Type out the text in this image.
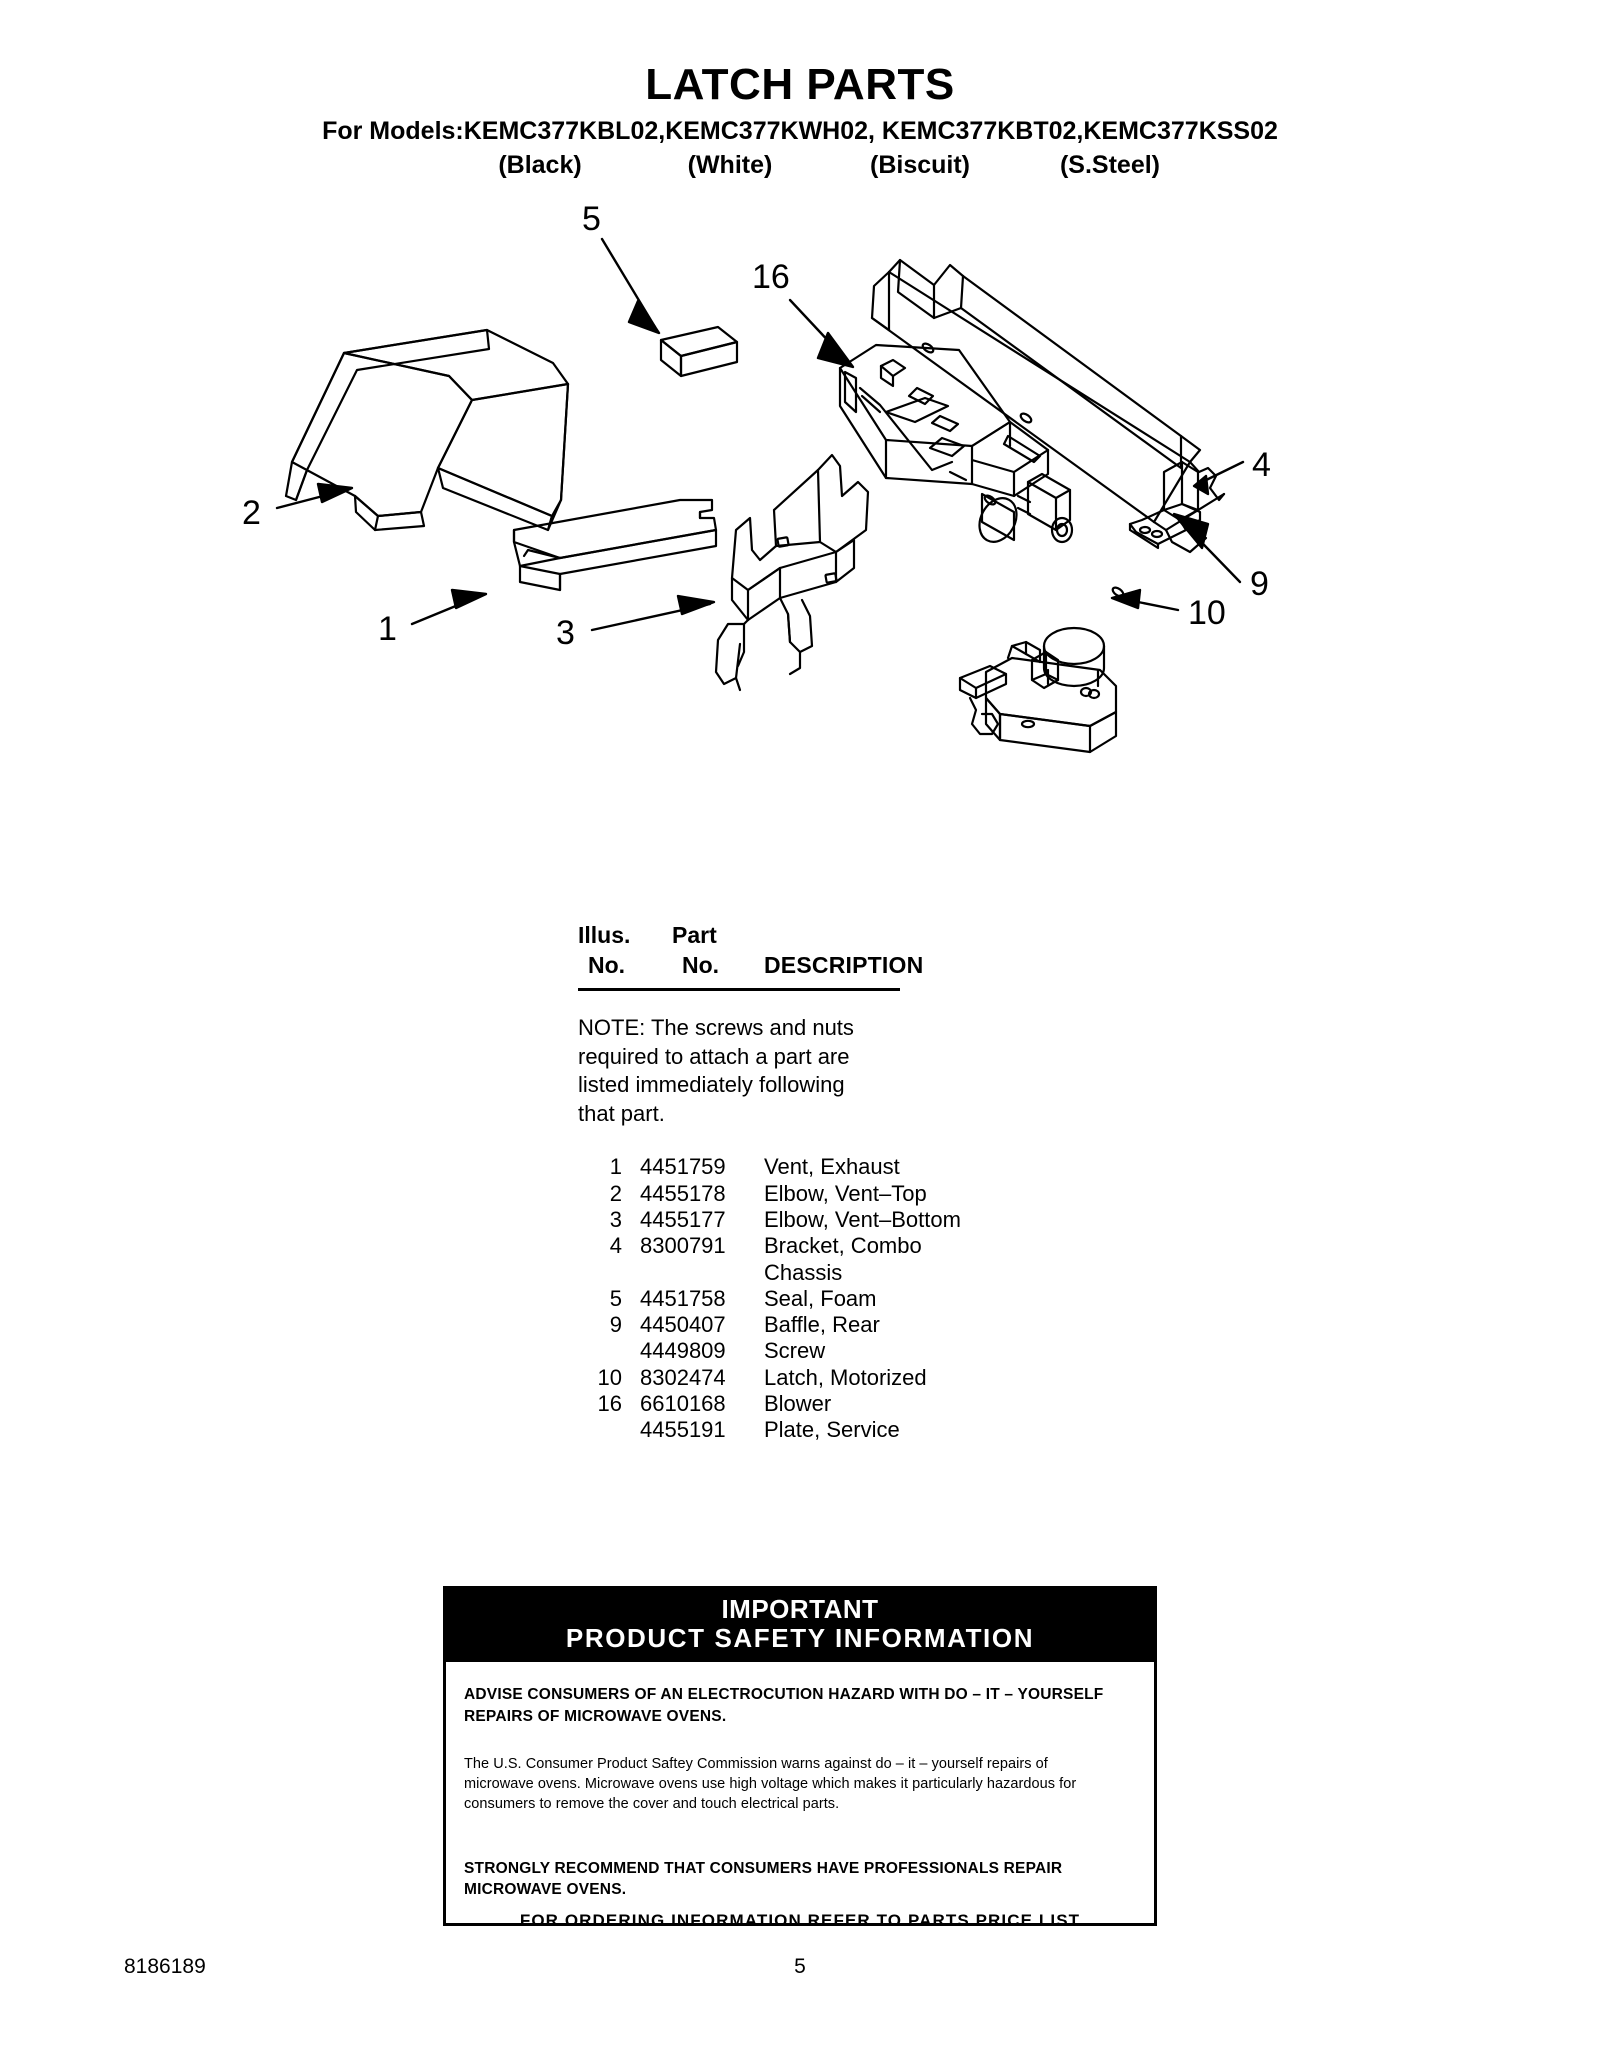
LATCH PARTS
For Models:KEMC377KBL02,KEMC377KWH02, KEMC377KBT02,KEMC377KSS02
(Black)	(White)	(Biscuit)	(S.Steel)
5
16
2
9
4
1	3
10
Illus. Part
No. No. DESCRIPTION
NOTE: The screws and nuts
required to attach a part are
listed immediately following
that part.
1 4451759	Vent, Exhaust
2 4455178	Elbow, Vent–Top
3 4455177	Elbow, Vent–Bottom
4 8300791	Bracket, Combo
Chassis
5 4451758	Seal, Foam
9 4450407	Baffle, Rear
4449809	Screw
10 8302474	Latch, Motorized
16 6610168	Blower
4455191	Plate, Service
IMPORTANT
PRODUCT SAFETY INFORMATION
ADVISE CONSUMERS OF AN ELECTROCUTION HAZARD WITH DO – IT – YOURSELF
REPAIRS OF MICROWAVE OVENS.
The U.S. Consumer Product Saftey Commission warns against do – it – yourself repairs of
microwave ovens. Microwave ovens use high voltage which makes it particularly hazardous for
consumers to remove the cover and touch electrical parts.
STRONGLY RECOMMEND THAT CONSUMERS HAVE PROFESSIONALS REPAIR
MICROWAVE OVENS.
FOR ORDERING INFORMATION REFER TO PARTS PRICE LIST
8186189	5
